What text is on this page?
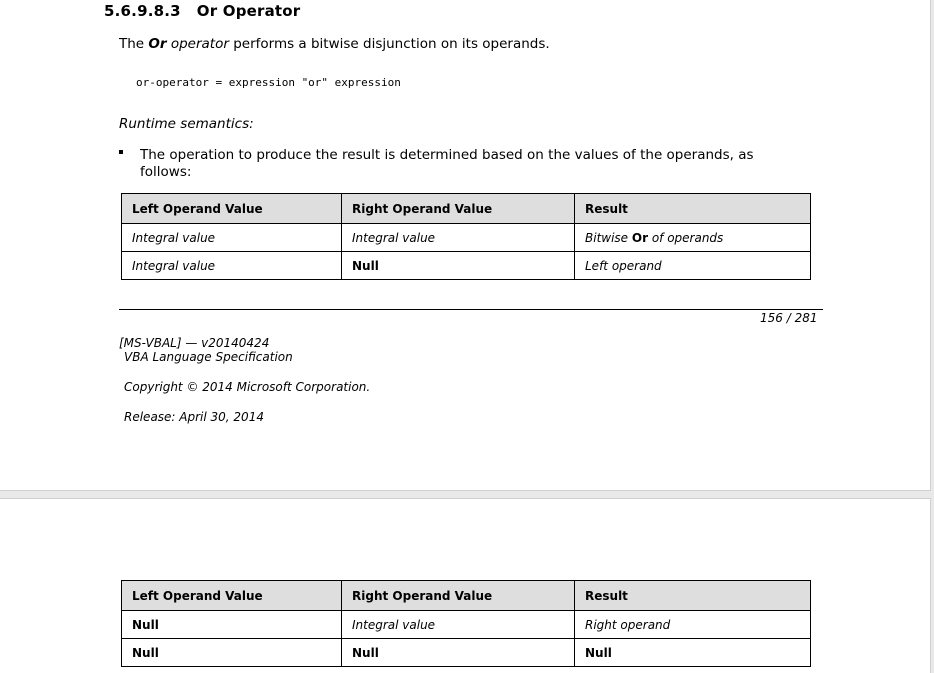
5.6.9.8.3 Or Operator
The Or operator performs a bitwise disjunction on its operands.
or-operator = expression "or" expression
Runtime semantics:
The operation to produce the result is determined based on the values of the operands, as follows:
Left Operand Value	Right Operand Value	Result
Integral value	Integral value	Bitwise Or of operands
Integral value	Null	Left operand
156 / 281
[MS-VBAL] — v20140424
VBA Language Specification
Copyright © 2014 Microsoft Corporation.
Release: April 30, 2014
Left Operand Value	Right Operand Value	Result
Null	Integral value	Right operand
Null	Null	Null
